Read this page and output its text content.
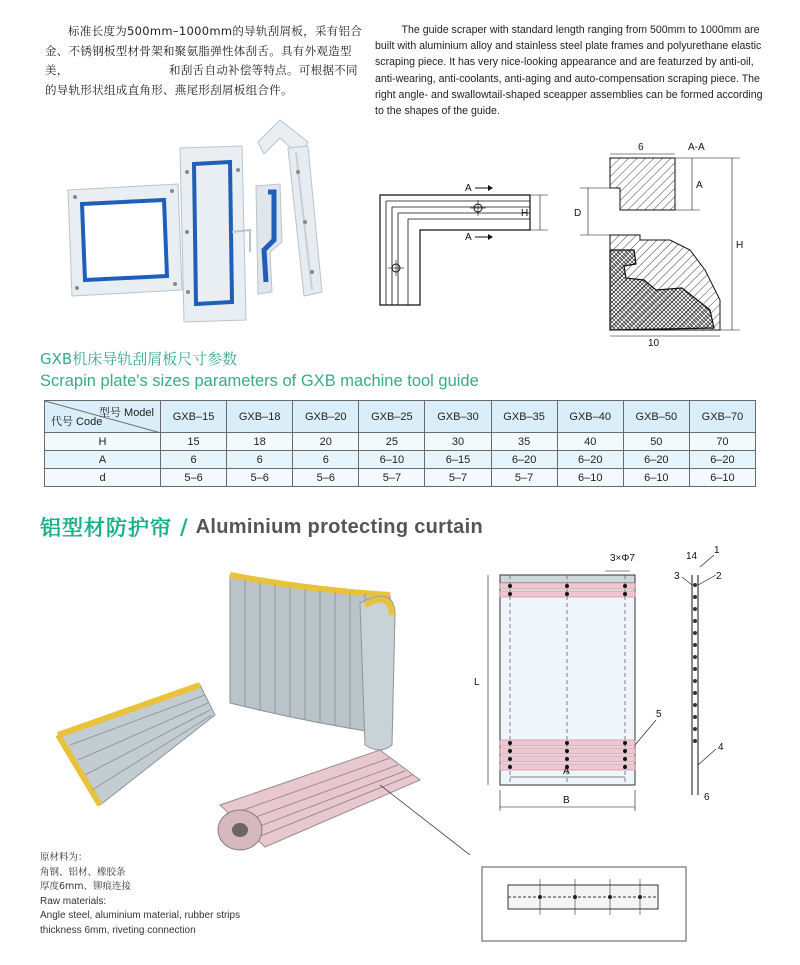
标准长度为500mm–1000mm的导轨刮屑板，采有铝合金、不锈钢板型材骨架和聚氨脂弹性体刮舌。具有外观造型美，　　　　　　　　　和刮舌自动补偿等特点。可根据不同的导轨形状组成直角形、燕尾形刮屑板组合件。

The guide scraper with standard length ranging from 500mm to 1000mm are built with aluminium alloy and stainless steel plate frames and polyurethane elastic scraping piece. It has very nice-looking appearance and are featurzed by anti-oil, anti-wearing, anti-coolants, anti-aging and auto-compensation scraping piece. The right angle- and swallowtail-shaped sceapper assemblies can be formed according to the shapes of the guide.

A
A
H
6	A-A
D
A
H
10
GXB机床导轨刮屑板尺寸参数
Scrapin plate's sizes parameters of GXB machine tool guide
型号 Model
代号 Code	GXB–15	GXB–18	GXB–20	GXB–25	GXB–30	GXB–35	GXB–40	GXB–50	GXB–70
H	15	18	20	25	30	35	40	50	70
A	6	6	6	6–10	6–15	6–20	6–20	6–20	6–20
d	5–6	5–6	5–6	5–7	5–7	5–7	6–10	6–10	6–10
铝型材防护帘 / Aluminium protecting curtain
3×Φ7
L
A
B
5
14
1
2
3
4
6
原材料为：
角钢、铝材、橡胶条
厚度6mm、铆痕连接
Raw materials:
Angle steel, aluminium material, rubber strips
thickness 6mm, riveting connection
